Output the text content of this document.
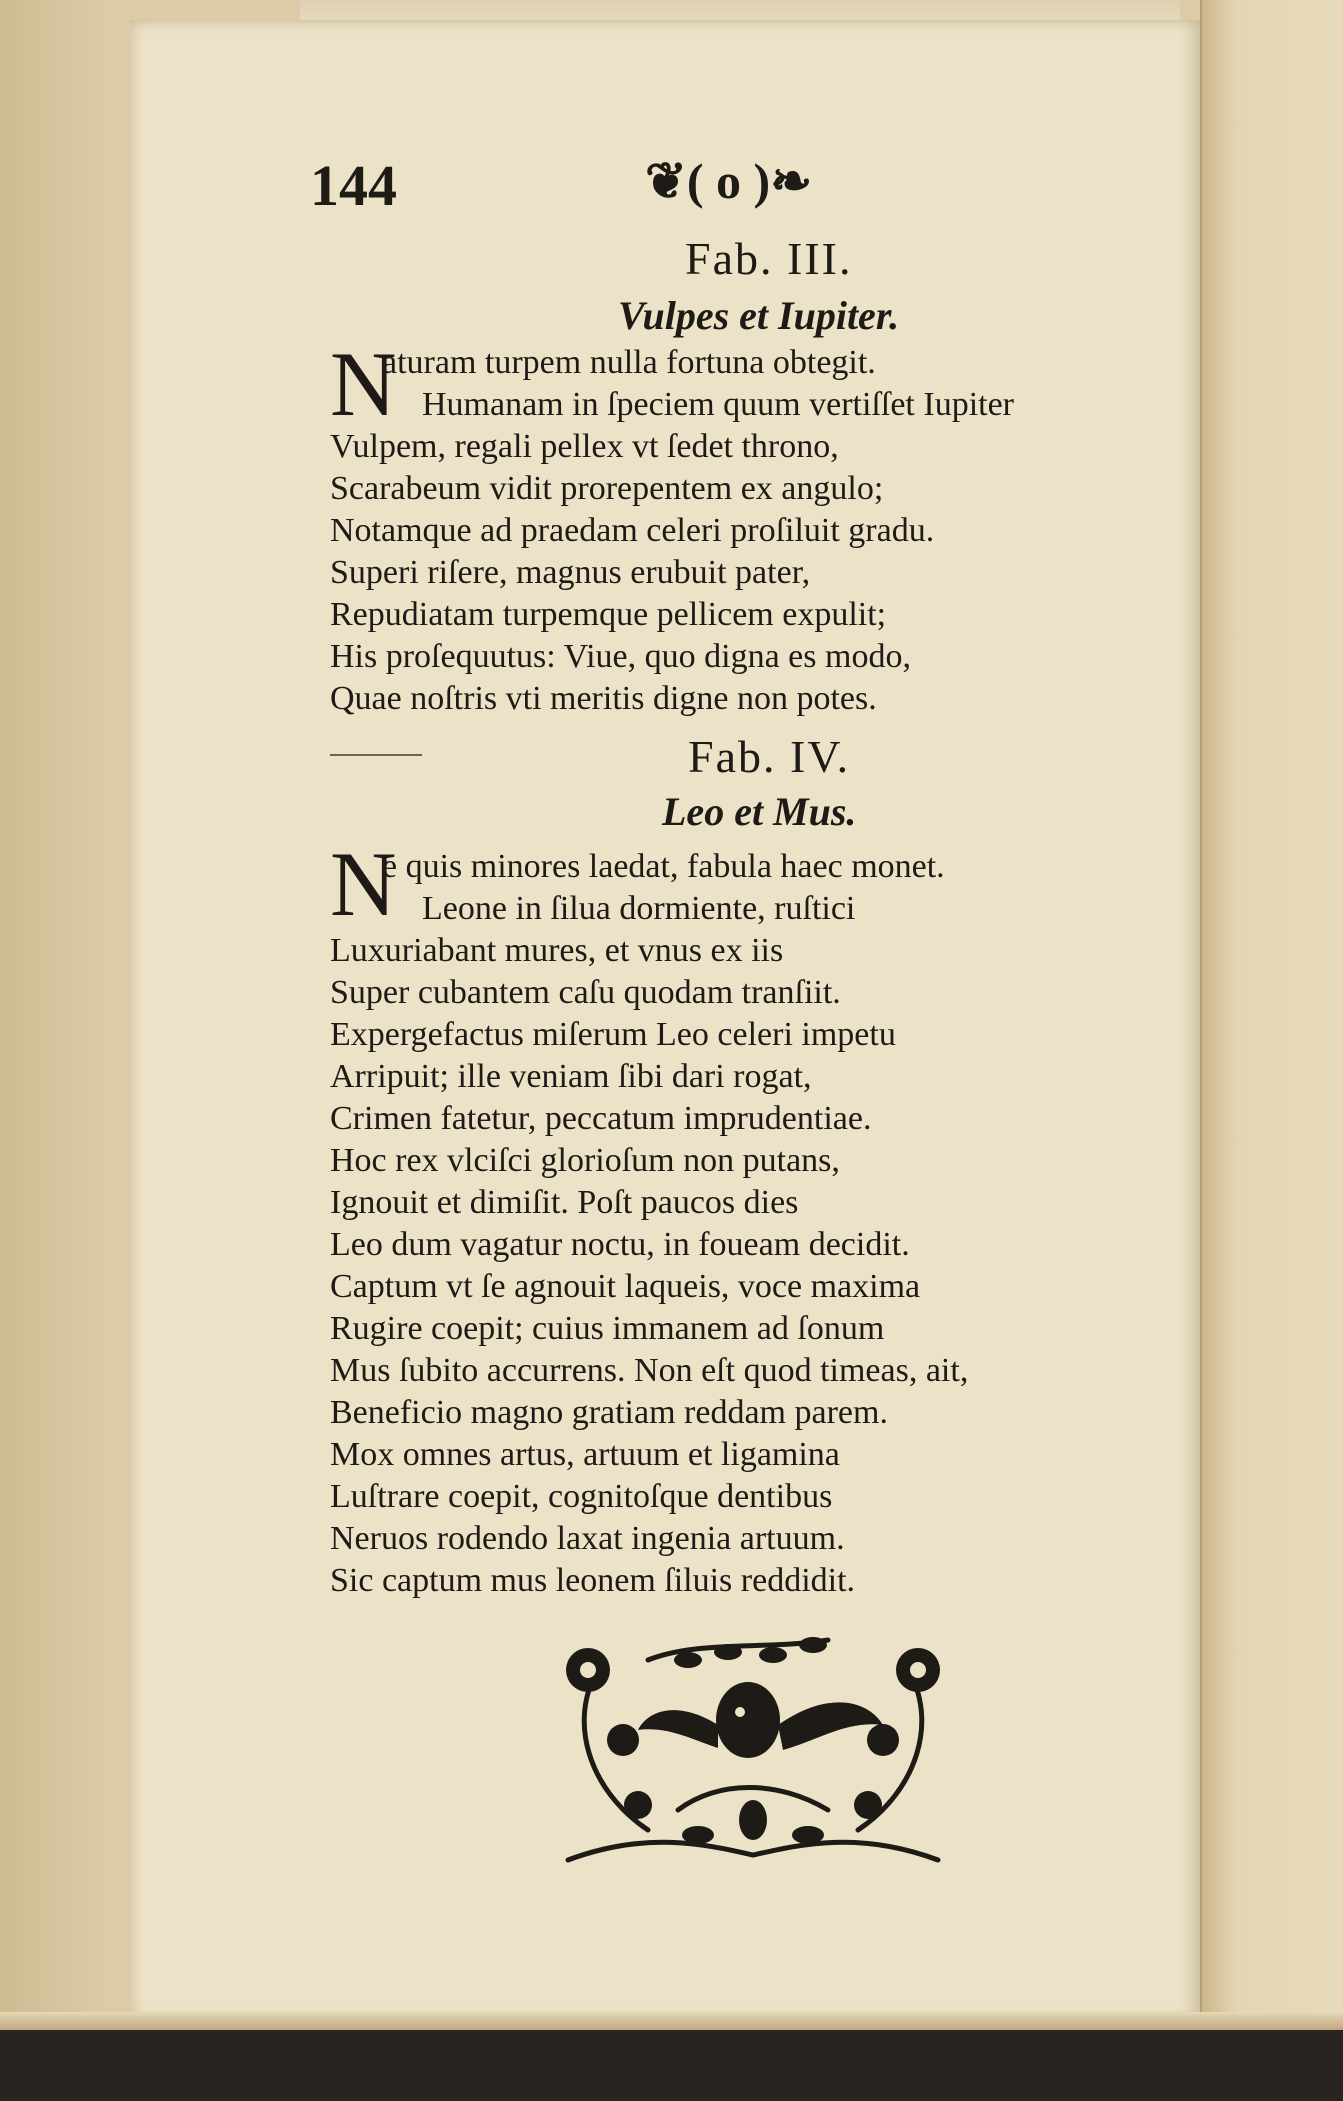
144	❦( o )❧
Fab. III.
Vulpes et Iupiter.
N
aturam turpem nulla fortuna obtegit.
Humanam in ſpeciem quum vertiſſet Iupiter
Vulpem, regali pellex vt ſedet throno,
Scarabeum vidit prorepentem ex angulo;
Notamque ad praedam celeri proſiluit gradu.
Superi riſere, magnus erubuit pater,
Repudiatam turpemque pellicem expulit;
His proſequutus: Viue, quo digna es modo,
Quae noſtris vti meritis digne non potes.
Fab. IV.
Leo et Mus.
N
e quis minores laedat, fabula haec monet.
Leone in ſilua dormiente, ruſtici
Luxuriabant mures, et vnus ex iis
Super cubantem caſu quodam tranſiit.
Expergefactus miſerum Leo celeri impetu
Arripuit; ille veniam ſibi dari rogat,
Crimen fatetur, peccatum imprudentiae.
Hoc rex vlciſci glorioſum non putans,
Ignouit et dimiſit. Poſt paucos dies
Leo dum vagatur noctu, in foueam decidit.
Captum vt ſe agnouit laqueis, voce maxima
Rugire coepit; cuius immanem ad ſonum
Mus ſubito accurrens. Non eſt quod timeas, ait,
Beneficio magno gratiam reddam parem.
Mox omnes artus, artuum et ligamina
Luſtrare coepit, cognitoſque dentibus
Neruos rodendo laxat ingenia artuum.
Sic captum mus leonem ſiluis reddidit.
